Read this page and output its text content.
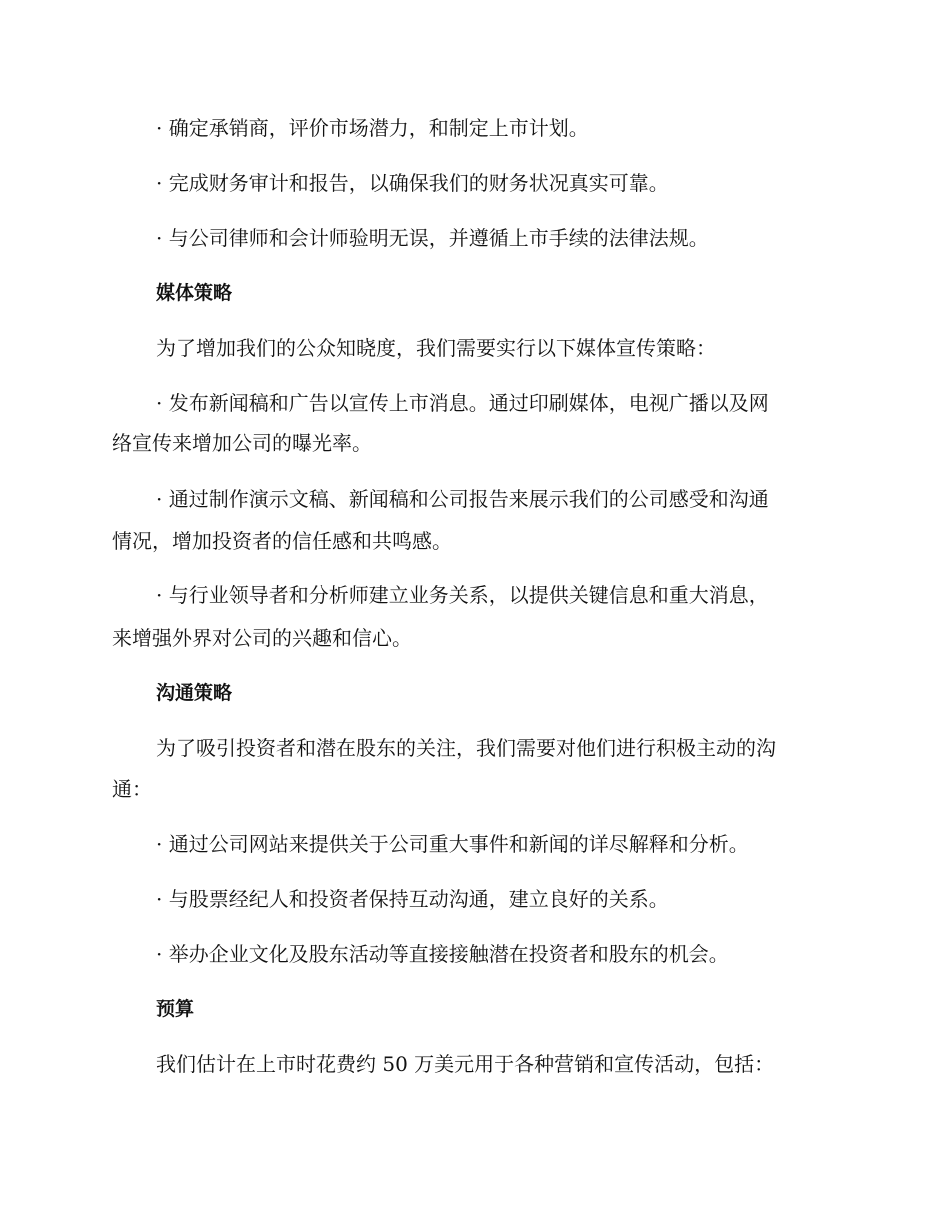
· 确定承销商，评价市场潜力，和制定上市计划。

· 完成财务审计和报告，以确保我们的财务状况真实可靠。

· 与公司律师和会计师验明无误，并遵循上市手续的法律法规。

媒体策略

为了增加我们的公众知晓度，我们需要实行以下媒体宣传策略：

· 发布新闻稿和广告以宣传上市消息。通过印刷媒体，电视广播以及网

络宣传来增加公司的曝光率。

· 通过制作演示文稿、新闻稿和公司报告来展示我们的公司感受和沟通

情况，增加投资者的信任感和共鸣感。

· 与行业领导者和分析师建立业务关系，以提供关键信息和重大消息，

来增强外界对公司的兴趣和信心。

沟通策略

为了吸引投资者和潜在股东的关注，我们需要对他们进行积极主动的沟

通：

· 通过公司网站来提供关于公司重大事件和新闻的详尽解释和分析。

· 与股票经纪人和投资者保持互动沟通，建立良好的关系。

· 举办企业文化及股东活动等直接接触潜在投资者和股东的机会。

预算

我们估计在上市时花费约 50 万美元用于各种营销和宣传活动，包括：
